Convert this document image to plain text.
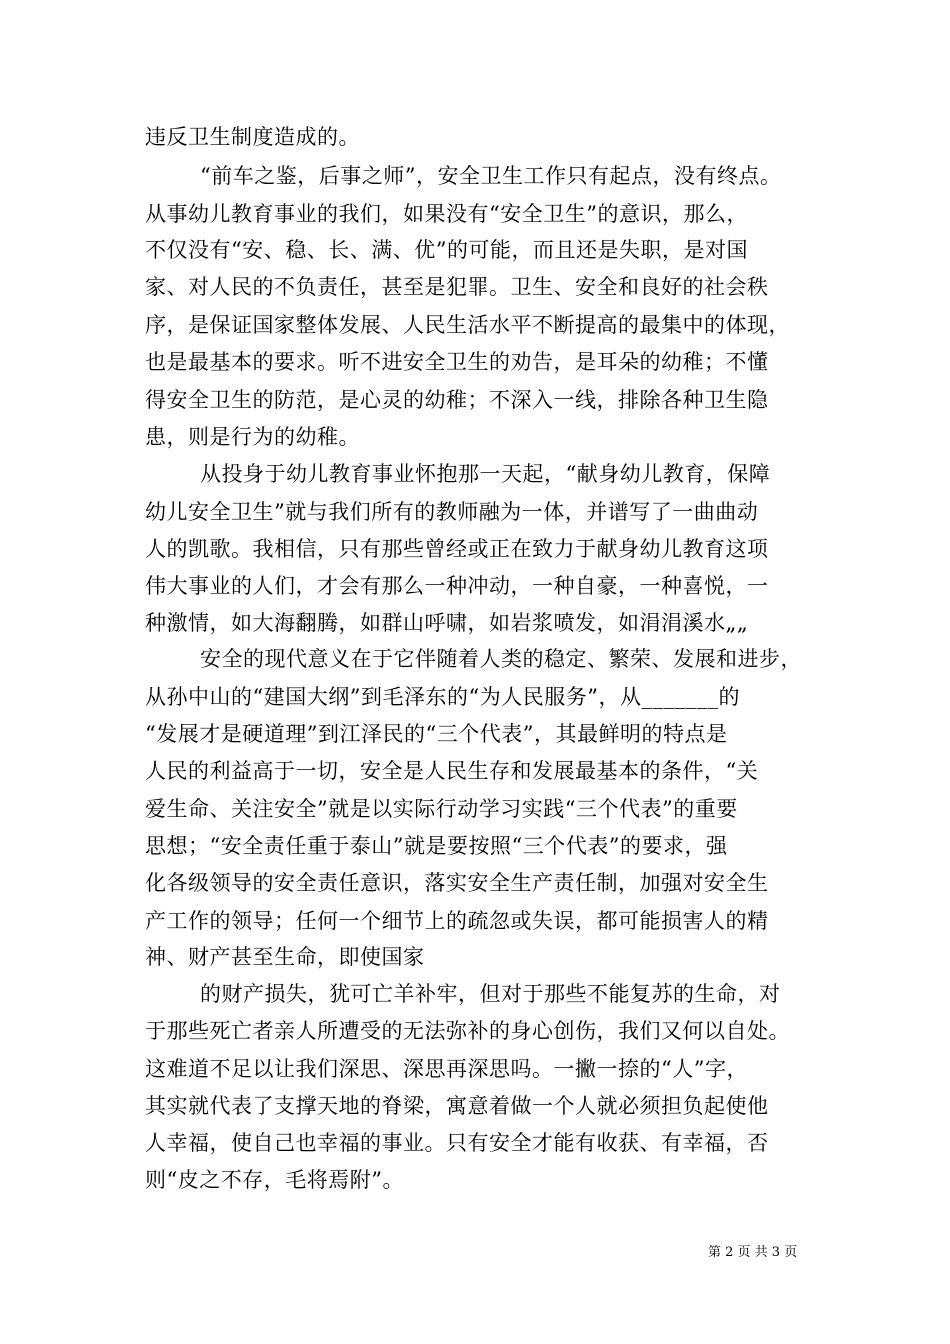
违反卫生制度造成的。
“前车之鉴，后事之师”，安全卫生工作只有起点，没有终点。
从事幼儿教育事业的我们，如果没有“安全卫生”的意识，那么，
不仅没有“安、稳、长、满、优”的可能，而且还是失职，是对国
家、对人民的不负责任，甚至是犯罪。卫生、安全和良好的社会秩
序，是保证国家整体发展、人民生活水平不断提高的最集中的体现，
也是最基本的要求。听不进安全卫生的劝告，是耳朵的幼稚；不懂
得安全卫生的防范，是心灵的幼稚；不深入一线，排除各种卫生隐
患，则是行为的幼稚。
从投身于幼儿教育事业怀抱那一天起，“献身幼儿教育，保障
幼儿安全卫生”就与我们所有的教师融为一体，并谱写了一曲曲动
人的凯歌。我相信，只有那些曾经或正在致力于献身幼儿教育这项
伟大事业的人们，才会有那么一种冲动，一种自豪，一种喜悦，一
种激情，如大海翻腾，如群山呼啸，如岩浆喷发，如涓涓溪水„„
安全的现代意义在于它伴随着人类的稳定、繁荣、发展和进步，
从孙中山的“建国大纲”到毛泽东的“为人民服务”，从_______的
“发展才是硬道理”到江泽民的“三个代表”，其最鲜明的特点是
人民的利益高于一切，安全是人民生存和发展最基本的条件，“关
爱生命、关注安全”就是以实际行动学习实践“三个代表”的重要
思想；“安全责任重于泰山”就是要按照“三个代表”的要求，强
化各级领导的安全责任意识，落实安全生产责任制，加强对安全生
产工作的领导；任何一个细节上的疏忽或失误，都可能损害人的精
神、财产甚至生命，即使国家
的财产损失，犹可亡羊补牢，但对于那些不能复苏的生命，对
于那些死亡者亲人所遭受的无法弥补的身心创伤，我们又何以自处。
这难道不足以让我们深思、深思再深思吗。一撇一捺的“人”字，
其实就代表了支撑天地的脊梁，寓意着做一个人就必须担负起使他
人幸福，使自己也幸福的事业。只有安全才能有收获、有幸福，否
则“皮之不存，毛将焉附”。
第 2 页 共 3 页
